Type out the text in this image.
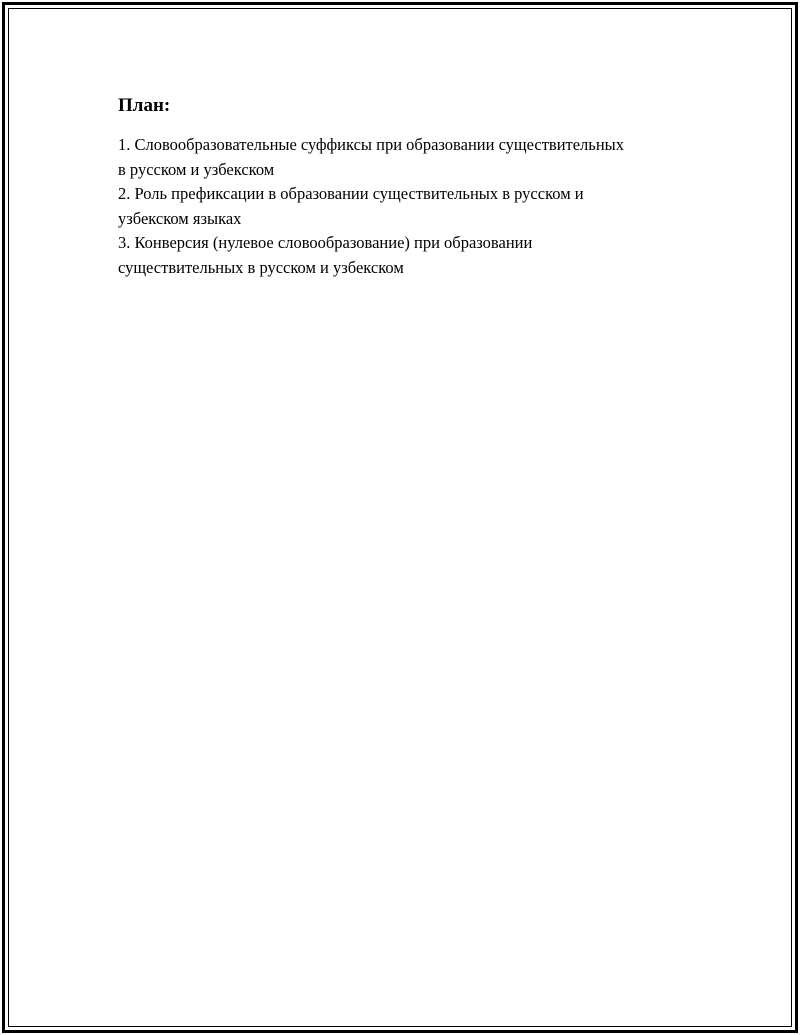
План:
1. Словообразовательные суффиксы при образовании существительных
в русском и узбекском
2. Роль префиксации в образовании существительных в русском и
узбекском языках
3. Конверсия (нулевое словообразование) при образовании
существительных в русском и узбекском
